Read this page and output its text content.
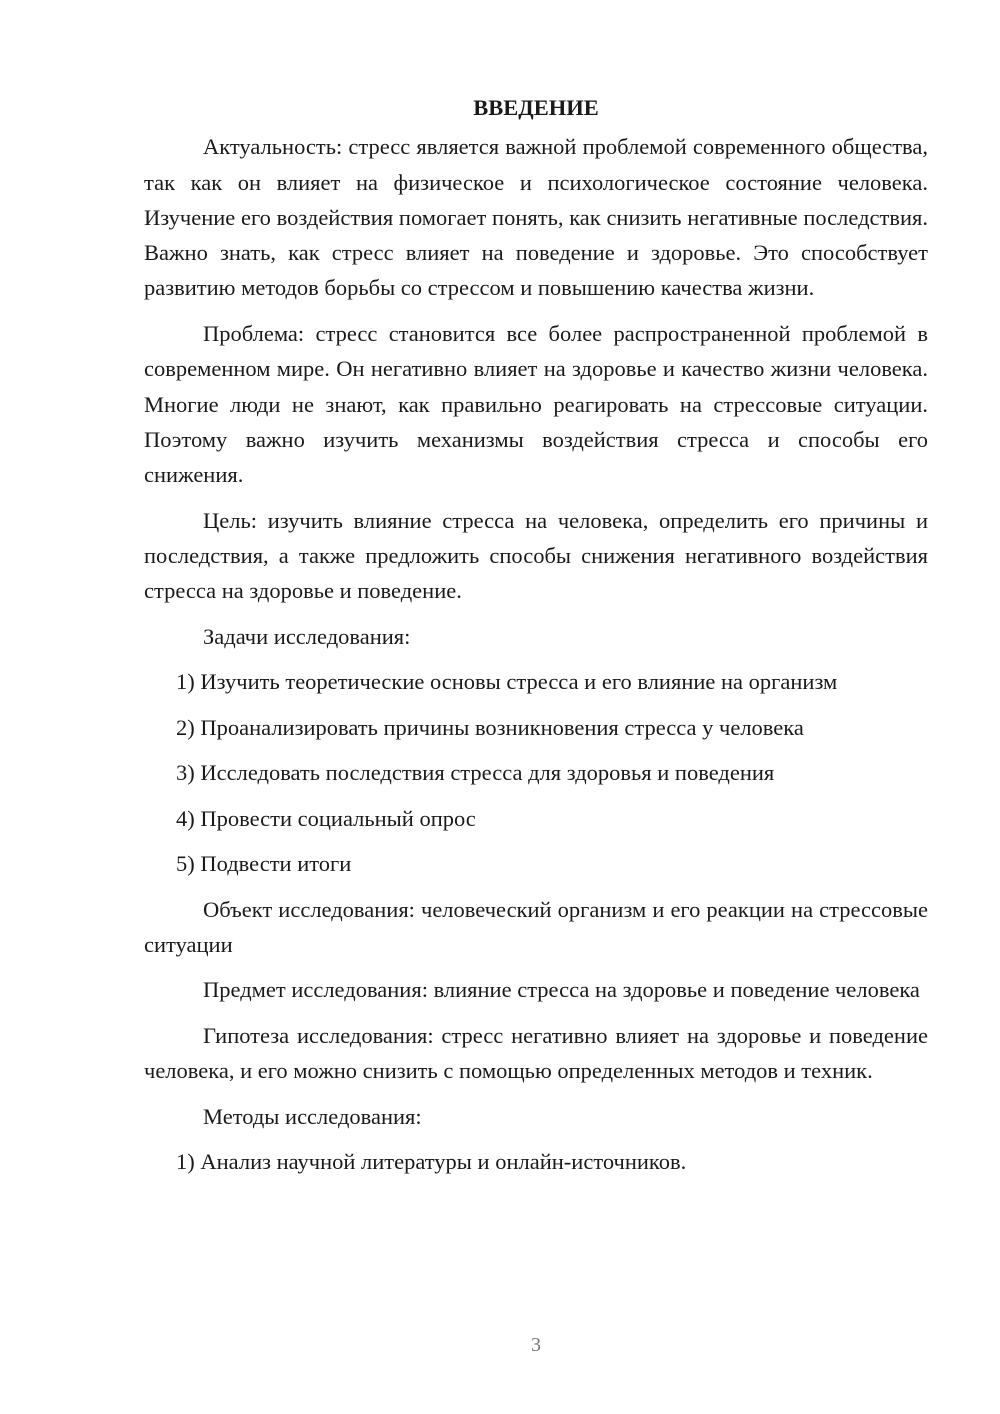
ВВЕДЕНИЕ

Актуальность: стресс является важной проблемой современного общества, так как он влияет на физическое и психологическое состояние человека. Изучение его воздействия помогает понять, как снизить негативные последствия. Важно знать, как стресс влияет на поведение и здоровье. Это способствует развитию методов борьбы со стрессом и повышению качества жизни.

Проблема: стресс становится все более распространенной проблемой в современном мире. Он негативно влияет на здоровье и качество жизни человека. Многие люди не знают, как правильно реагировать на стрессовые ситуации. Поэтому важно изучить механизмы воздействия стресса и способы его снижения.

Цель: изучить влияние стресса на человека, определить его причины и последствия, а также предложить способы снижения негативного воздействия стресса на здоровье и поведение.

Задачи исследования:

1) Изучить теоретические основы стресса и его влияние на организм

2) Проанализировать причины возникновения стресса у человека

3) Исследовать последствия стресса для здоровья и поведения

4) Провести социальный опрос

5) Подвести итоги

Объект исследования: человеческий организм и его реакции на стрессовые ситуации

Предмет исследования: влияние стресса на здоровье и поведение человека

Гипотеза исследования: стресс негативно влияет на здоровье и поведение человека, и его можно снизить с помощью определенных методов и техник.

Методы исследования:

1) Анализ научной литературы и онлайн-источников.

3
